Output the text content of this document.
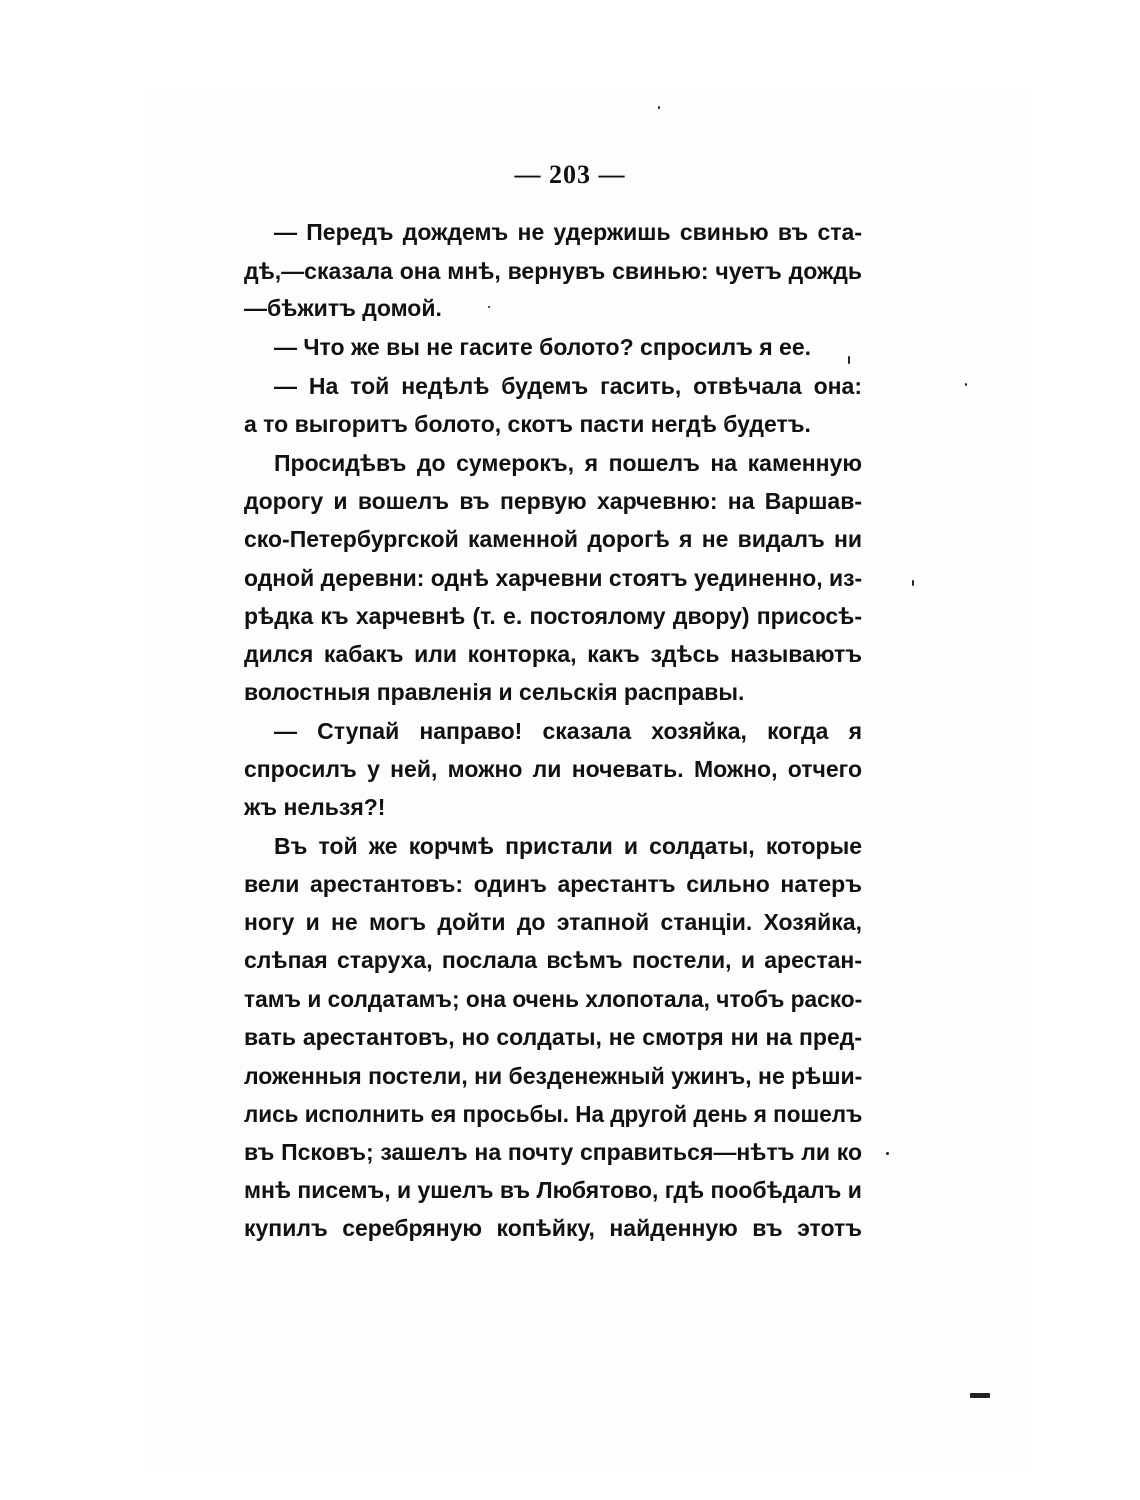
— 203 —
— Передъ дождемъ не удержишь свинью въ ста-
дѣ,—сказала она мнѣ, вернувъ свинью: чуетъ дождь
—бѣжитъ домой.
— Что же вы не гасите болото? спросилъ я ее.
— На той недѣлѣ будемъ гасить, отвѣчала она:
а то выгоритъ болото, скотъ пасти негдѣ будетъ.
Просидѣвъ до сумерокъ, я пошелъ на каменную
дорогу и вошелъ въ первую харчевню: на Варшав-
ско-Петербургской каменной дорогѣ я не видалъ ни
одной деревни: однѣ харчевни стоятъ уединенно, из-
рѣдка къ харчевнѣ (т. е. постоялому двору) присосѣ-
дился кабакъ или конторка, какъ здѣсь называютъ
волостныя правленія и сельскія расправы.
— Ступай направо! сказала хозяйка, когда я
спросилъ у ней, можно ли ночевать. Можно, отчего
жъ нельзя?!
Въ той же корчмѣ пристали и солдаты, которые
вели арестантовъ: одинъ арестантъ сильно натеръ
ногу и не могъ дойти до этапной станціи. Хозяйка,
слѣпая старуха, послала всѣмъ постели, и арестан-
тамъ и солдатамъ; она очень хлопотала, чтобъ раско-
вать арестантовъ, но солдаты, не смотря ни на пред-
ложенныя постели, ни безденежный ужинъ, не рѣши-
лись исполнить ея просьбы. На другой день я пошелъ
въ Псковъ; зашелъ на почту справиться—нѣтъ ли ко
мнѣ писемъ, и ушелъ въ Любятово, гдѣ пообѣдалъ и
купилъ серебряную копѣйку, найденную въ этотъ
